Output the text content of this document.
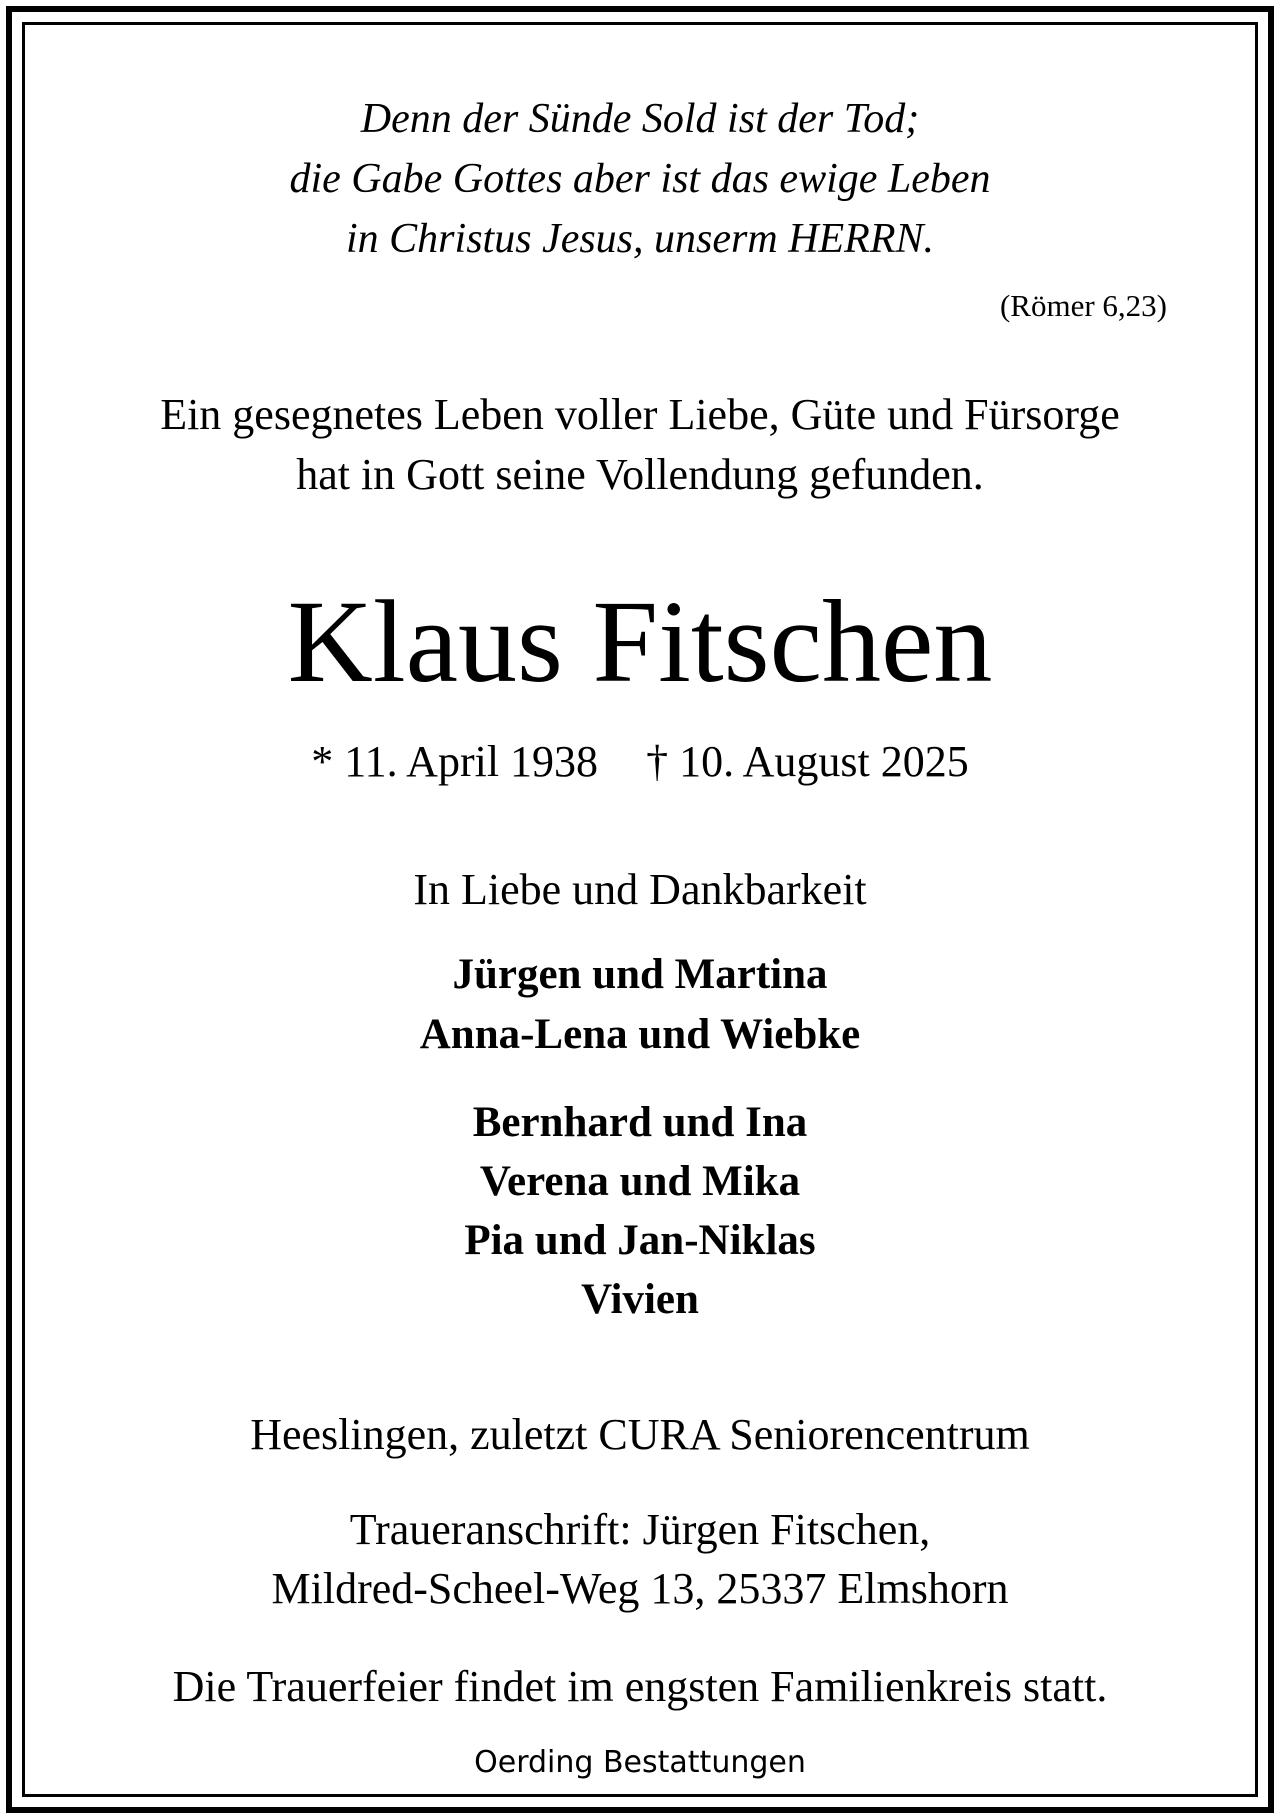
Denn der Sünde Sold ist der Tod;
die Gabe Gottes aber ist das ewige Leben
in Christus Jesus, unserm HERRN.
(Römer 6,23)
Ein gesegnetes Leben voller Liebe, Güte und Fürsorge
hat in Gott seine Vollendung gefunden.
Klaus Fitschen
* 11. April 1938 † 10. August 2025
In Liebe und Dankbarkeit
Jürgen und Martina
Anna-Lena und Wiebke
Bernhard und Ina
Verena und Mika
Pia und Jan-Niklas
Vivien
Heeslingen, zuletzt CURA Seniorencentrum
Traueranschrift: Jürgen Fitschen,
Mildred-Scheel-Weg 13, 25337 Elmshorn
Die Trauerfeier findet im engsten Familienkreis statt.
Oerding Bestattungen
